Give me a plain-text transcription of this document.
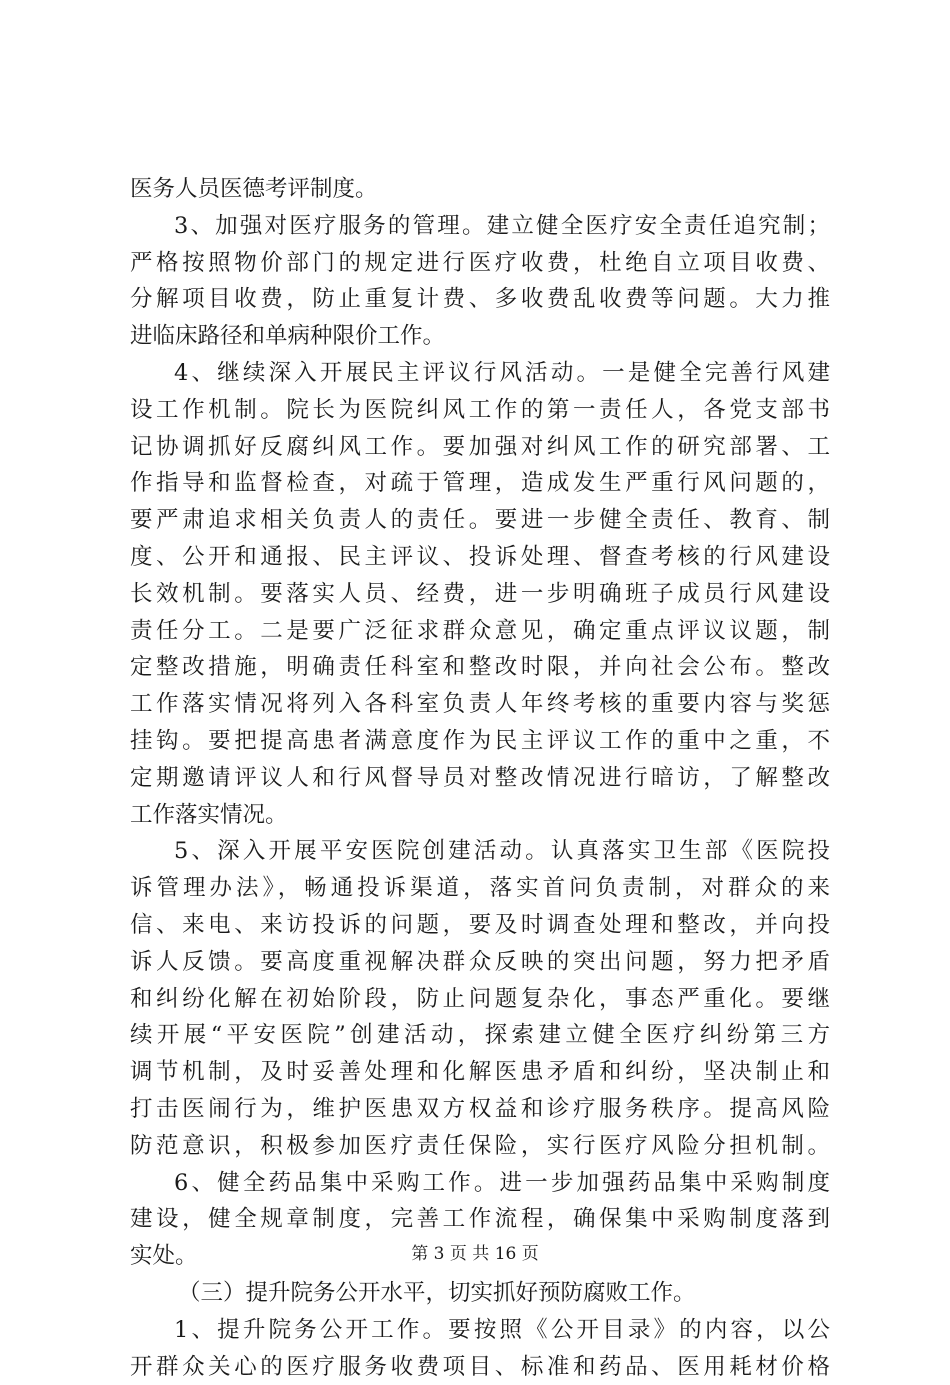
医务人员医德考评制度。
3、加强对医疗服务的管理。建立健全医疗安全责任追究制；
严格按照物价部门的规定进行医疗收费，杜绝自立项目收费、
分解项目收费，防止重复计费、多收费乱收费等问题。大力推
进临床路径和单病种限价工作。
4、继续深入开展民主评议行风活动。一是健全完善行风建
设工作机制。院长为医院纠风工作的第一责任人，各党支部书
记协调抓好反腐纠风工作。要加强对纠风工作的研究部署、工
作指导和监督检查，对疏于管理，造成发生严重行风问题的，
要严肃追求相关负责人的责任。要进一步健全责任、教育、制
度、公开和通报、民主评议、投诉处理、督查考核的行风建设
长效机制。要落实人员、经费，进一步明确班子成员行风建设
责任分工。二是要广泛征求群众意见，确定重点评议议题，制
定整改措施，明确责任科室和整改时限，并向社会公布。整改
工作落实情况将列入各科室负责人年终考核的重要内容与奖惩
挂钩。要把提高患者满意度作为民主评议工作的重中之重，不
定期邀请评议人和行风督导员对整改情况进行暗访，了解整改
工作落实情况。
5、深入开展平安医院创建活动。认真落实卫生部《医院投
诉管理办法》，畅通投诉渠道，落实首问负责制，对群众的来
信、来电、来访投诉的问题，要及时调查处理和整改，并向投
诉人反馈。要高度重视解决群众反映的突出问题，努力把矛盾
和纠纷化解在初始阶段，防止问题复杂化，事态严重化。要继
续开展“平安医院”创建活动，探索建立健全医疗纠纷第三方
调节机制，及时妥善处理和化解医患矛盾和纠纷，坚决制止和
打击医闹行为，维护医患双方权益和诊疗服务秩序。提高风险
防范意识，积极参加医疗责任保险，实行医疗风险分担机制。
6、健全药品集中采购工作。进一步加强药品集中采购制度
建设，健全规章制度，完善工作流程，确保集中采购制度落到
实处。
（三）提升院务公开水平，切实抓好预防腐败工作。
1、提升院务公开工作。要按照《公开目录》的内容，以公
开群众关心的医疗服务收费项目、标准和药品、医用耗材价格
第 3 页 共 16 页
